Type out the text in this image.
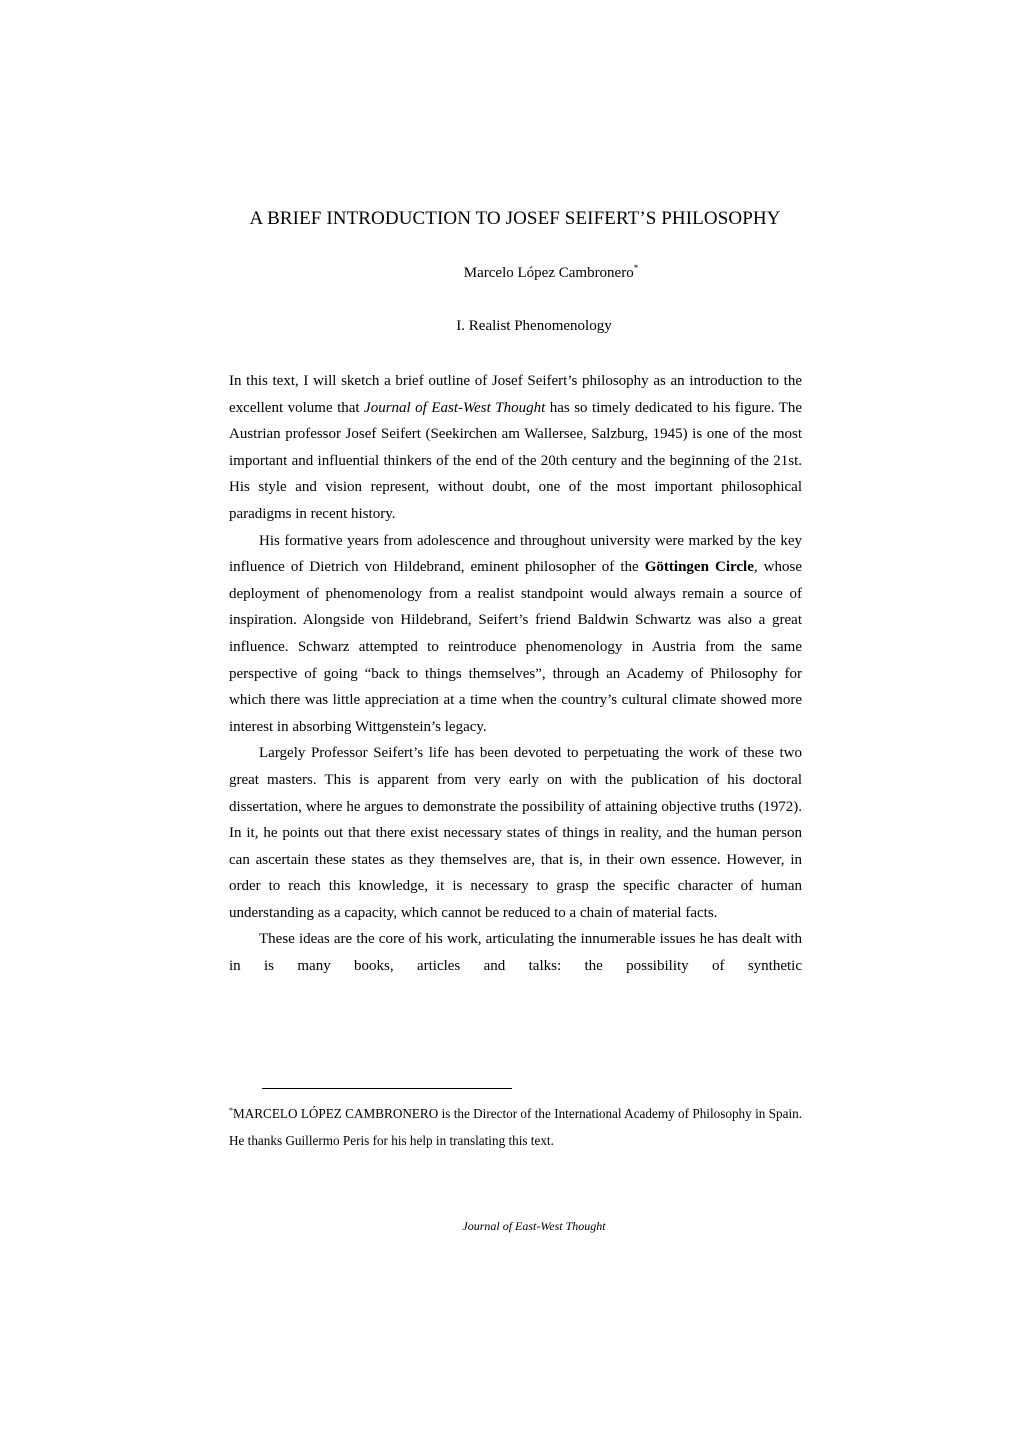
A BRIEF INTRODUCTION TO JOSEF SEIFERT’S PHILOSOPHY
Marcelo López Cambronero*
I. Realist Phenomenology

In this text, I will sketch a brief outline of Josef Seifert’s philosophy as an introduction to the excellent volume that Journal of East-West Thought has so timely dedicated to his figure. The Austrian professor Josef Seifert (Seekirchen am Wallersee, Salzburg, 1945) is one of the most important and influential thinkers of the end of the 20th century and the beginning of the 21st. His style and vision represent, without doubt, one of the most important philosophical paradigms in recent history.

His formative years from adolescence and throughout university were marked by the key influence of Dietrich von Hildebrand, eminent philosopher of the Göttingen Circle, whose deployment of phenomenology from a realist standpoint would always remain a source of inspiration. Alongside von Hildebrand, Seifert’s friend Baldwin Schwartz was also a great influence. Schwarz attempted to reintroduce phenomenology in Austria from the same perspective of going “back to things themselves”, through an Academy of Philosophy for which there was little appreciation at a time when the country’s cultural climate showed more interest in absorbing Wittgenstein’s legacy.

Largely Professor Seifert’s life has been devoted to perpetuating the work of these two great masters. This is apparent from very early on with the publication of his doctoral dissertation, where he argues to demonstrate the possibility of attaining objective truths (1972). In it, he points out that there exist necessary states of things in reality, and the human person can ascertain these states as they themselves are, that is, in their own essence. However, in order to reach this knowledge, it is necessary to grasp the specific character of human understanding as a capacity, which cannot be reduced to a chain of material facts.

These ideas are the core of his work, articulating the innumerable issues he has dealt with in is many books, articles and talks: the possibility of synthetic

*MARCELO LÓPEZ CAMBRONERO is the Director of the International Academy of Philosophy in Spain. He thanks Guillermo Peris for his help in translating this text.
Journal of East-West Thought
